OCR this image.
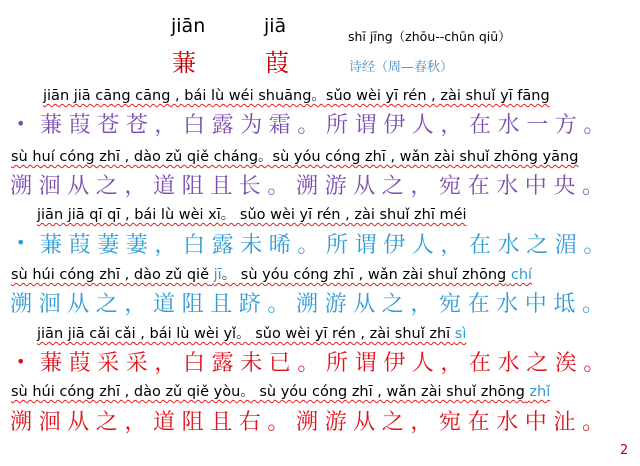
jiān	jiā
蒹	葭
shī jīng（zhōu--chūn qiū）
诗经（周—春秋）
jiān jiā cāng cāng , bái lù wéi shuāng。sǔo wèi yī rén , zài shuǐ yī fāng
• 蒹葭苍苍，白露为霜。所谓伊人，在水一方。
sù huí cóng zhī , dào zǔ qiě cháng。sù yóu cóng zhī , wǎn zài shuǐ zhōng yāng
溯洄从之，道阻且长。溯游从之，宛在水中央。
jiān jiā qī qī , bái lù wèi xī。 sǔo wèi yī rén , zài shuǐ zhī méi
• 蒹葭萋萋，白露未晞。所谓伊人，在水之湄。
sù húi cóng zhī , dào zǔ qiě jī。 sù yóu cóng zhī , wǎn zài shuǐ zhōng chí
溯洄从之，道阻且跻。溯游从之，宛在水中坻。
jiān jiā cǎi cǎi , bái lù wèi yǐ。 sǔo wèi yī rén , zài shuǐ zhī sì
• 蒹葭采采，白露未已。所谓伊人，在水之涘。
sù húi cóng zhī , dào zǔ qiě yòu。 sù yóu cóng zhī , wǎn zài shuǐ zhōng zhǐ
溯洄从之，道阻且右。溯游从之，宛在水中沚。
2
